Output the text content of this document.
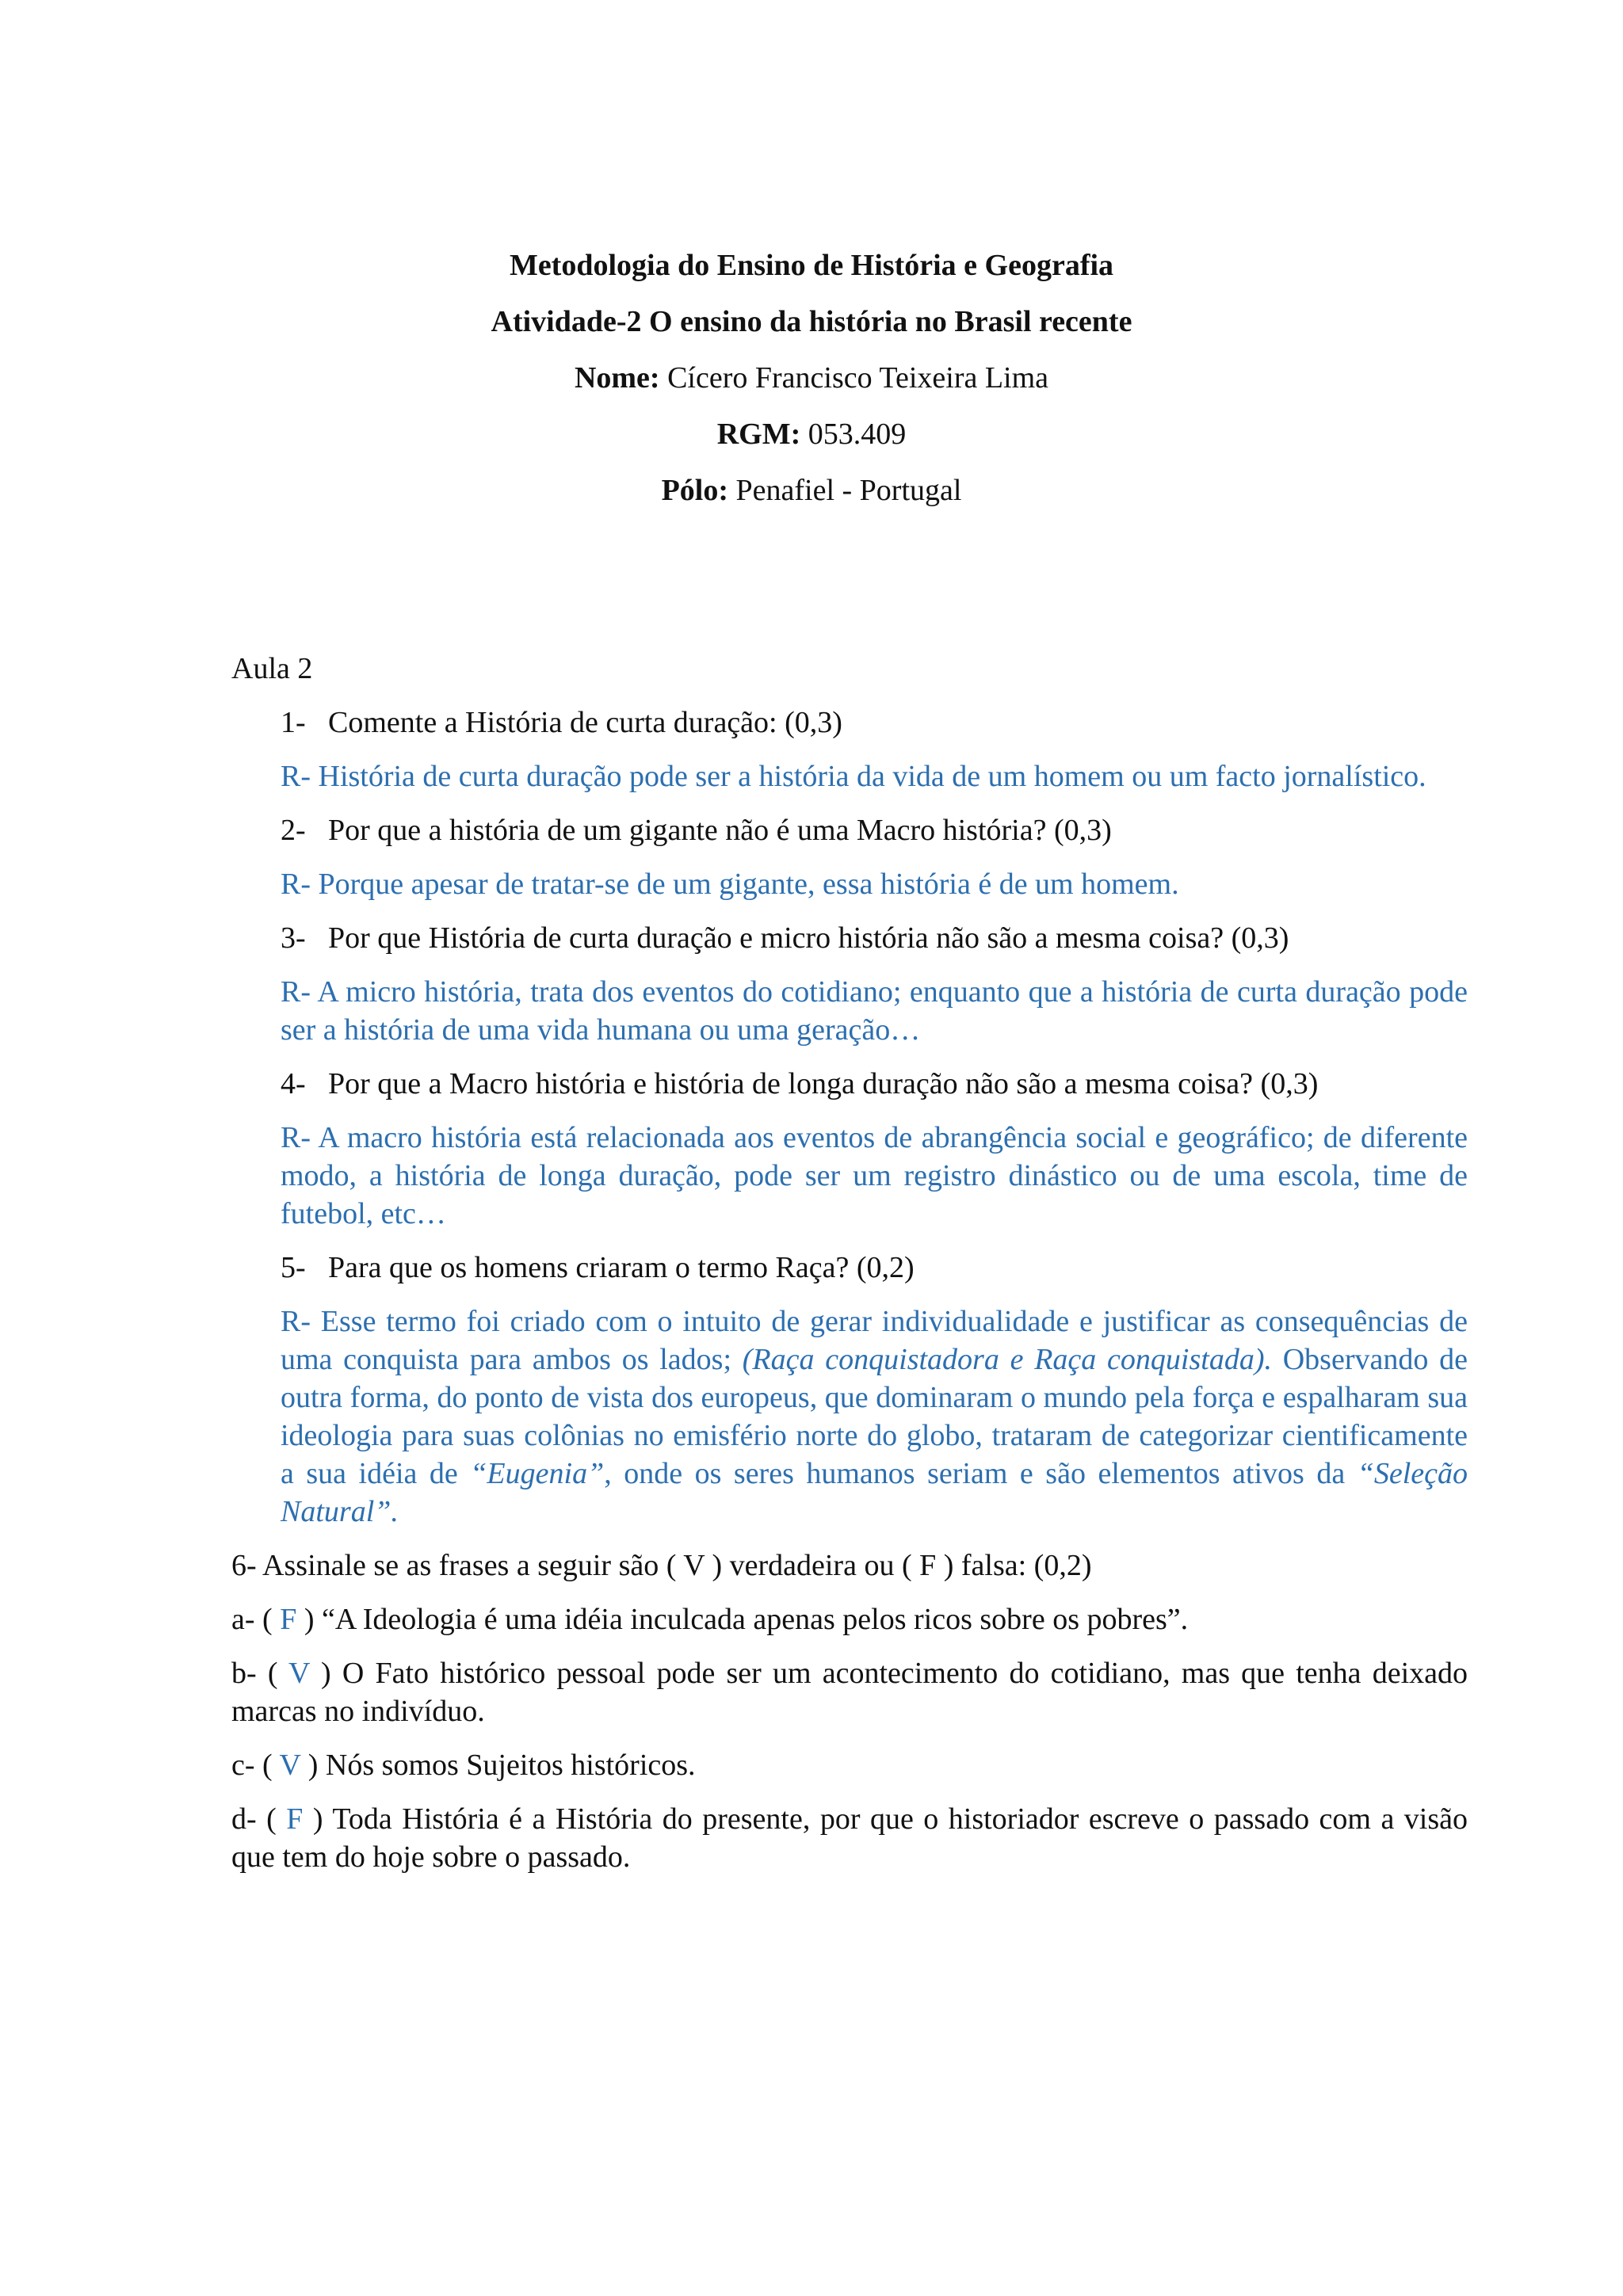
Metodologia do Ensino de História e Geografia
Atividade-2 O ensino da história no Brasil recente
Nome: Cícero Francisco Teixeira Lima
RGM: 053.409
Pólo: Penafiel - Portugal
Aula 2
1- Comente a História de curta duração: (0,3)
R- História de curta duração pode ser a história da vida de um homem ou um facto jornalístico.
2- Por que a história de um gigante não é uma Macro história? (0,3)
R- Porque apesar de tratar-se de um gigante, essa história é de um homem.
3- Por que História de curta duração e micro história não são a mesma coisa? (0,3)
R- A micro história, trata dos eventos do cotidiano; enquanto que a história de curta duração pode ser a história de uma vida humana ou uma geração…
4- Por que a Macro história e história de longa duração não são a mesma coisa? (0,3)
R- A macro história está relacionada aos eventos de abrangência social e geográfico; de diferente modo, a história de longa duração, pode ser um registro dinástico ou de uma escola, time de futebol, etc…
5- Para que os homens criaram o termo Raça? (0,2)
R- Esse termo foi criado com o intuito de gerar individualidade e justificar as consequências de uma conquista para ambos os lados; (Raça conquistadora e Raça conquistada). Observando de outra forma, do ponto de vista dos europeus, que dominaram o mundo pela força e espalharam sua ideologia para suas colônias no emisfério norte do globo, trataram de categorizar cientificamente a sua idéia de “Eugenia”, onde os seres humanos seriam e são elementos ativos da “Seleção Natural”.
6- Assinale se as frases a seguir são ( V ) verdadeira ou ( F ) falsa: (0,2)
a- ( F ) “A Ideologia é uma idéia inculcada apenas pelos ricos sobre os pobres”.
b- ( V ) O Fato histórico pessoal pode ser um acontecimento do cotidiano, mas que tenha deixado marcas no indivíduo.
c- ( V ) Nós somos Sujeitos históricos.
d- ( F ) Toda História é a História do presente, por que o historiador escreve o passado com a visão que tem do hoje sobre o passado.
